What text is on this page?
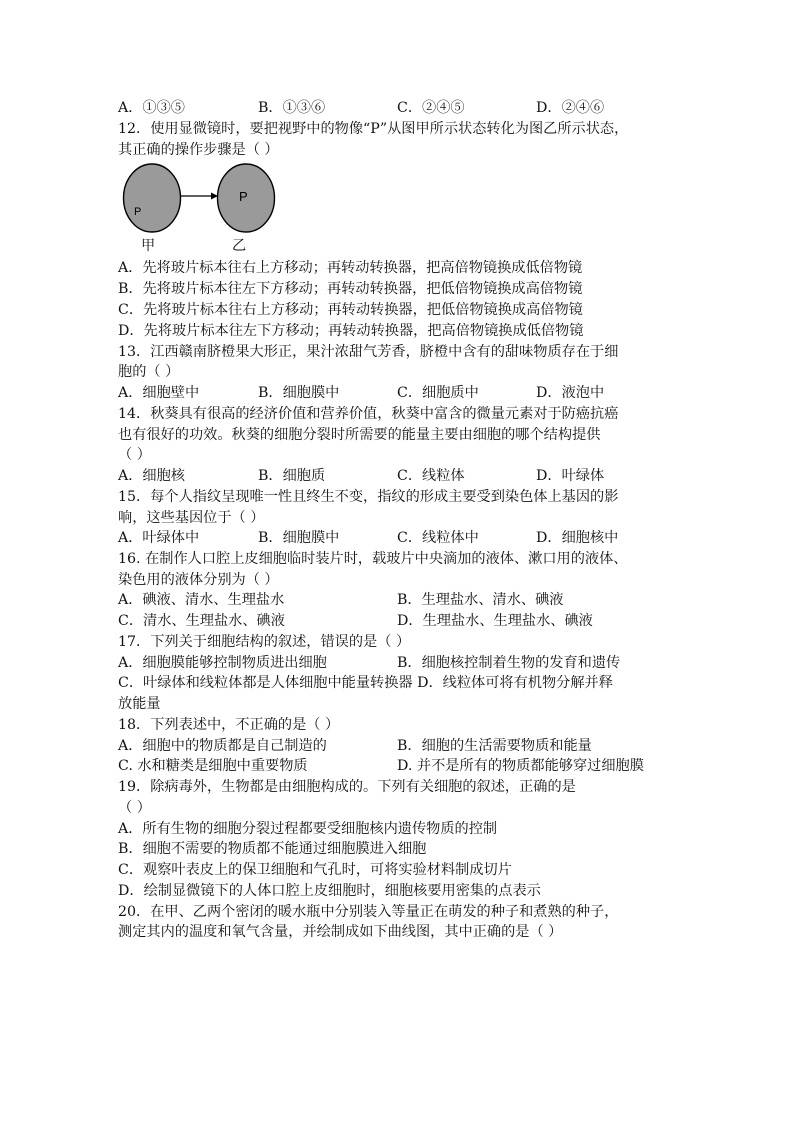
A．①③⑤	B．①③⑥	C．②④⑤	D．②④⑥
12．使用显微镜时，要把视野中的物像“P”从图甲所示状态转化为图乙所示状态，
其正确的操作步骤是（ ）
P
P
甲	乙
A．先将玻片标本往右上方移动；再转动转换器，把高倍物镜换成低倍物镜
B．先将玻片标本往左下方移动；再转动转换器，把低倍物镜换成高倍物镜
C．先将玻片标本往右上方移动；再转动转换器，把低倍物镜换成高倍物镜
D．先将玻片标本往左下方移动；再转动转换器，把高倍物镜换成低倍物镜
13．江西赣南脐橙果大形正，果汁浓甜气芳香，脐橙中含有的甜味物质存在于细
胞的（ ）
A．细胞壁中	B．细胞膜中	C．细胞质中	D．液泡中
14．秋葵具有很高的经济价值和营养价值，秋葵中富含的微量元素对于防癌抗癌
也有很好的功效。秋葵的细胞分裂时所需要的能量主要由细胞的哪个结构提供
（ ）
A．细胞核	B．细胞质	C．线粒体	D．叶绿体
15．每个人指纹呈现唯一性且终生不变，指纹的形成主要受到染色体上基因的影
响，这些基因位于（ ）
A．叶绿体中	B．细胞膜中	C．线粒体中	D．细胞核中
16. 在制作人口腔上皮细胞临时装片时，载玻片中央滴加的液体、漱口用的液体、
染色用的液体分别为（ ）
A．碘液、清水、生理盐水	B．生理盐水、清水、碘液
C．清水、生理盐水、碘液	D．生理盐水、生理盐水、碘液
17．下列关于细胞结构的叙述，错误的是（ ）
A．细胞膜能够控制物质进出细胞	B．细胞核控制着生物的发育和遗传
C．叶绿体和线粒体都是人体细胞中能量转换器 D．线粒体可将有机物分解并释
放能量
18．下列表述中，不正确的是（ ）
A．细胞中的物质都是自己制造的	B．细胞的生活需要物质和能量
C. 水和糖类是细胞中重要物质	D. 并不是所有的物质都能够穿过细胞膜
19．除病毒外，生物都是由细胞构成的。下列有关细胞的叙述，正确的是
（ ）
A．所有生物的细胞分裂过程都要受细胞核内遗传物质的控制
B．细胞不需要的物质都不能通过细胞膜进入细胞
C．观察叶表皮上的保卫细胞和气孔时，可将实验材料制成切片
D．绘制显微镜下的人体口腔上皮细胞时，细胞核要用密集的点表示
20．在甲、乙两个密闭的暖水瓶中分别装入等量正在萌发的种子和煮熟的种子，
测定其内的温度和氧气含量，并绘制成如下曲线图，其中正确的是（ ）
